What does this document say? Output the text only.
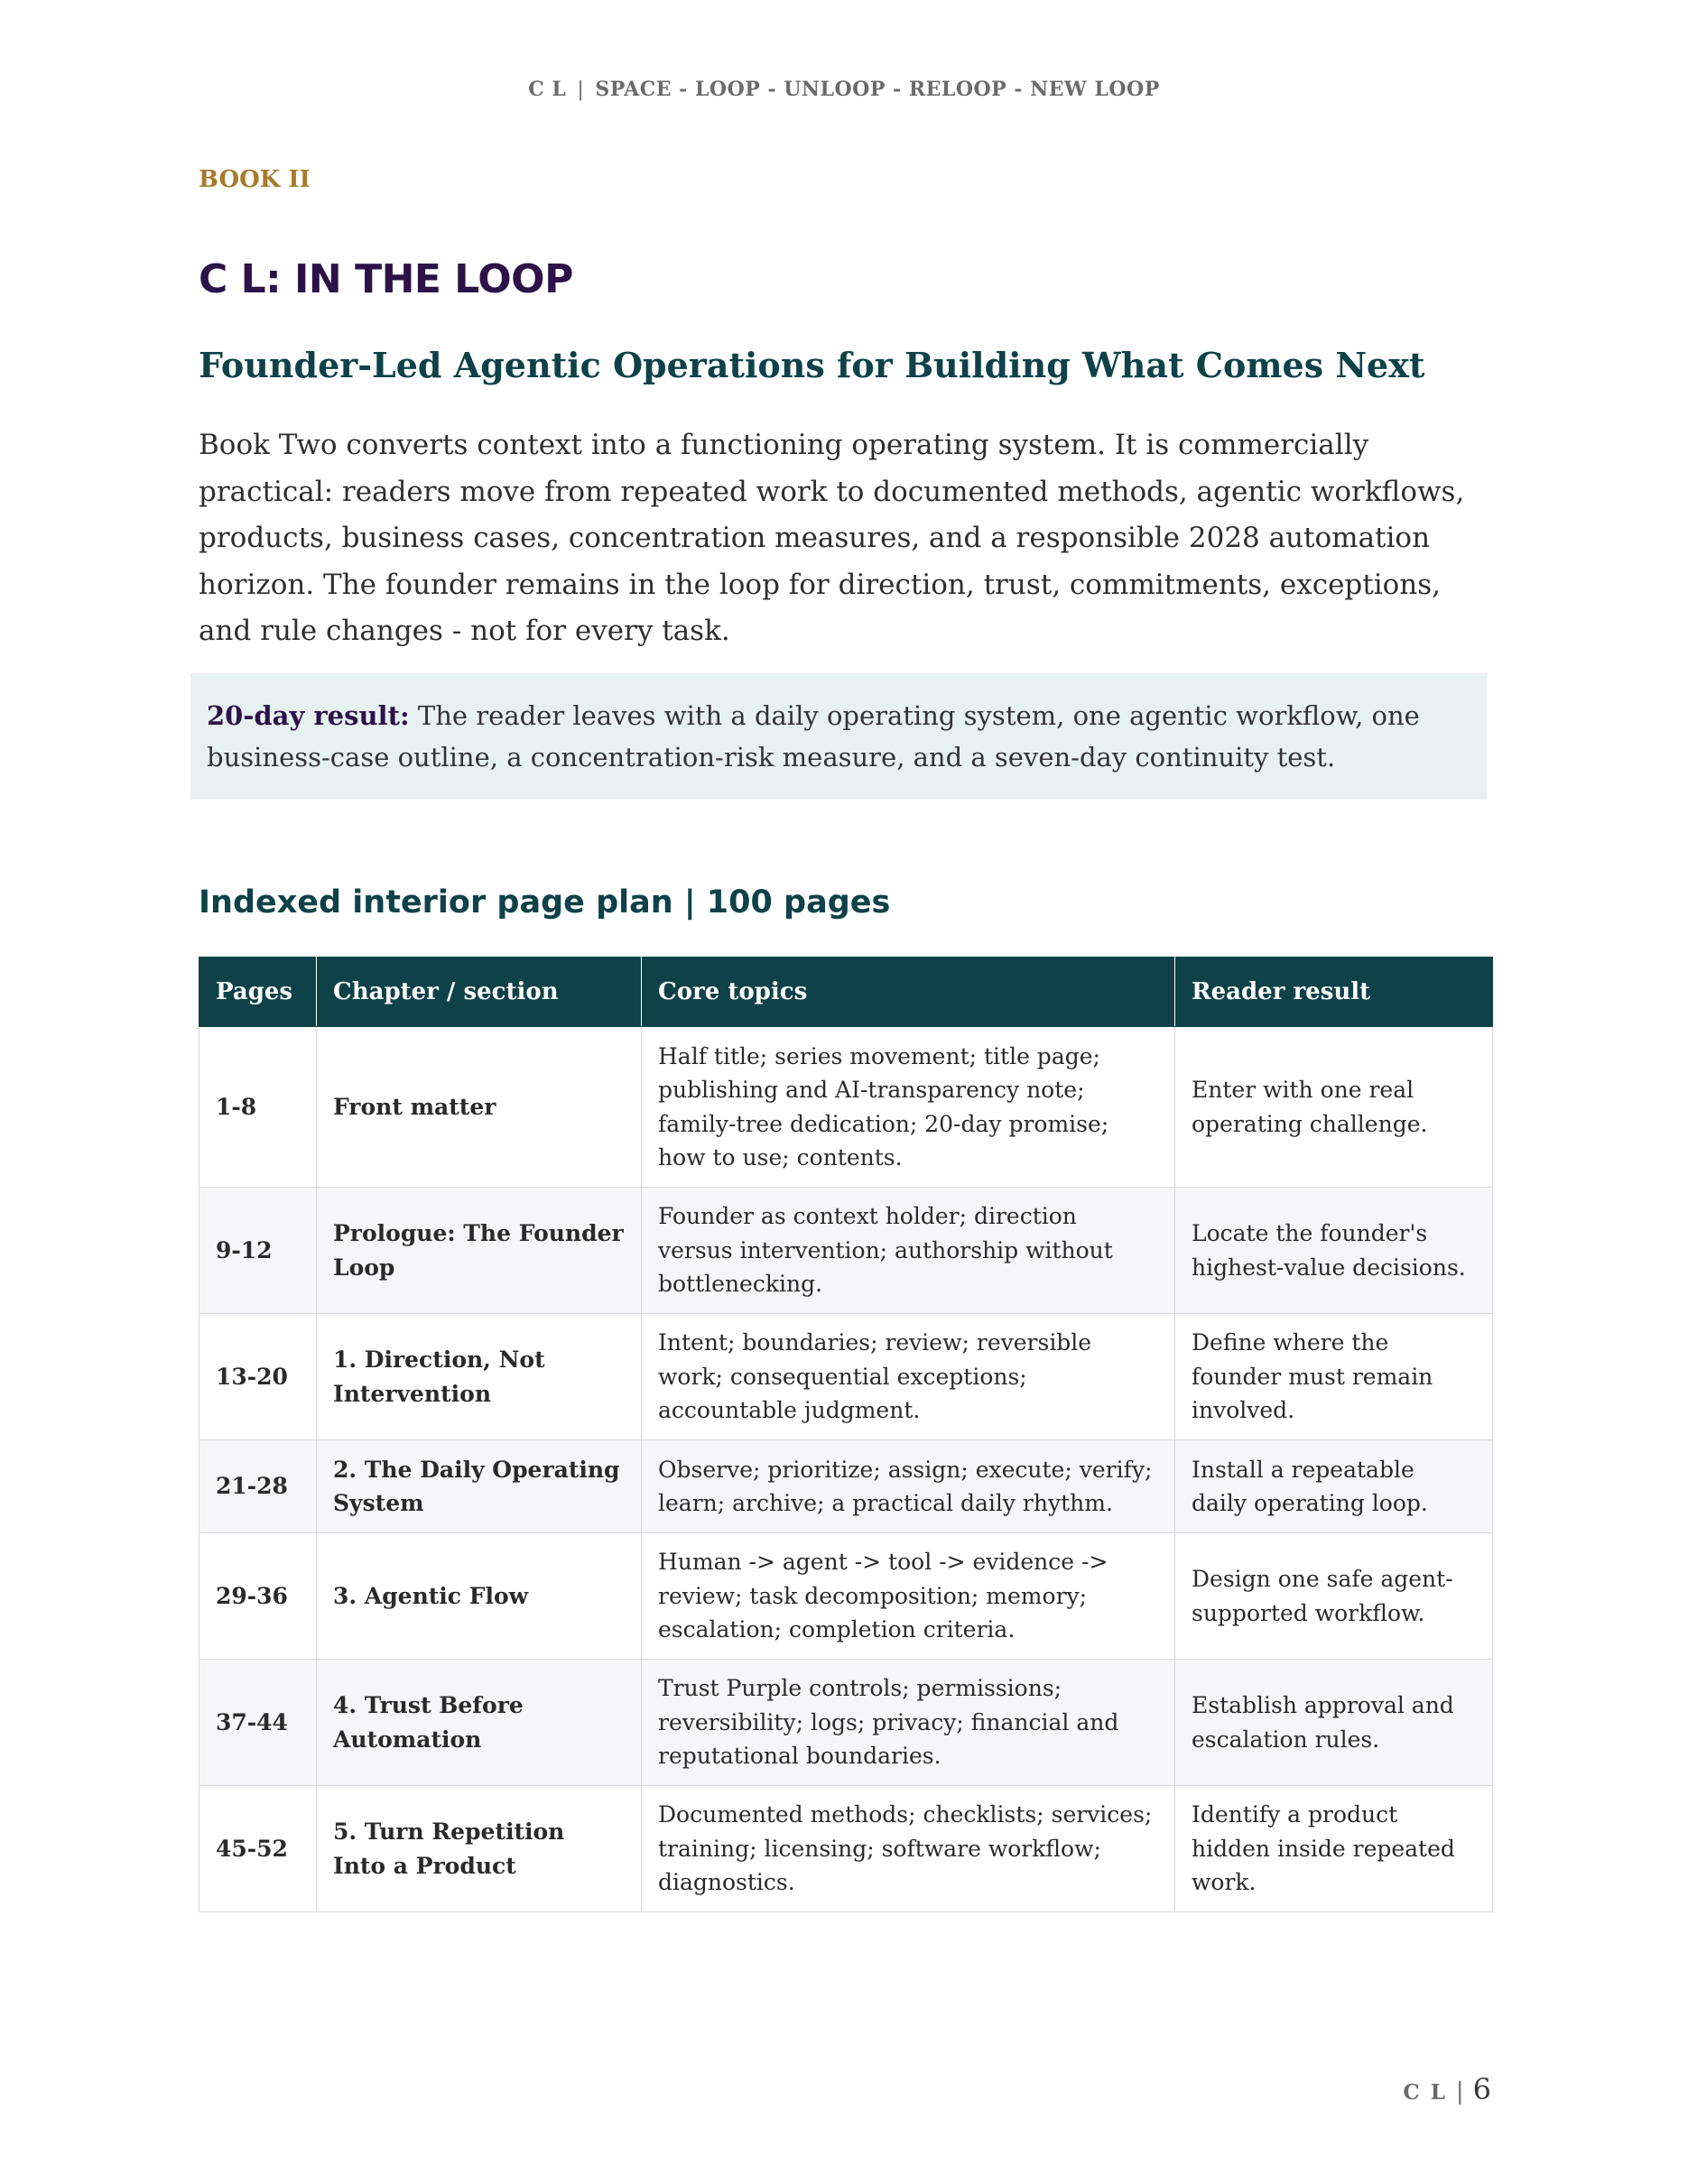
C L | SPACE - LOOP - UNLOOP - RELOOP - NEW LOOP
BOOK II
C L: IN THE LOOP
Founder-Led Agentic Operations for Building What Comes Next
Book Two converts context into a functioning operating system. It is commercially practical: readers move from repeated work to documented methods, agentic workflows, products, business cases, concentration measures, and a responsible 2028 automation horizon. The founder remains in the loop for direction, trust, commitments, exceptions, and rule changes - not for every task.
20-day result: The reader leaves with a daily operating system, one agentic workflow, one business-case outline, a concentration-risk measure, and a seven-day continuity test.
Indexed interior page plan | 100 pages
Pages	Chapter / section	Core topics	Reader result
1-8	Front matter	Half title; series movement; title page; publishing and AI-transparency note; family-tree dedication; 20-day promise; how to use; contents.	Enter with one real operating challenge.
9-12	Prologue: The Founder Loop	Founder as context holder; direction versus intervention; authorship without bottlenecking.	Locate the founder's highest-value decisions.
13-20	1. Direction, Not Intervention	Intent; boundaries; review; reversible work; consequential exceptions; accountable judgment.	Define where the founder must remain involved.
21-28	2. The Daily Operating System	Observe; prioritize; assign; execute; verify; learn; archive; a practical daily rhythm.	Install a repeatable daily operating loop.
29-36	3. Agentic Flow	Human -> agent -> tool -> evidence -> review; task decomposition; memory; escalation; completion criteria.	Design one safe agent-supported workflow.
37-44	4. Trust Before Automation	Trust Purple controls; permissions; reversibility; logs; privacy; financial and reputational boundaries.	Establish approval and escalation rules.
45-52	5. Turn Repetition Into a Product	Documented methods; checklists; services; training; licensing; software workflow; diagnostics.	Identify a product hidden inside repeated work.
C L | 6
